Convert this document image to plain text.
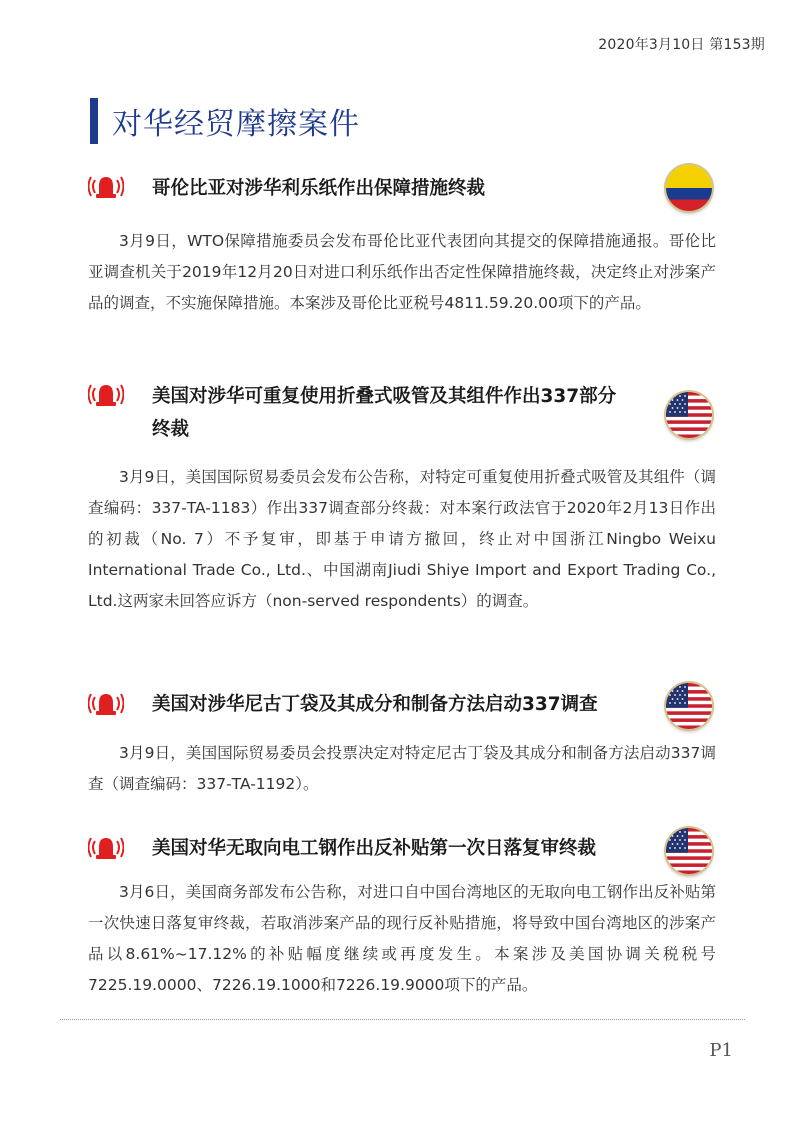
2020年3月10日 第153期
对华经贸摩擦案件
哥伦比亚对涉华利乐纸作出保障措施终裁
3月9日，WTO保障措施委员会发布哥伦比亚代表团向其提交的保障措施通报。哥伦比亚调查机关于2019年12月20日对进口利乐纸作出否定性保障措施终裁，决定终止对涉案产品的调查，不实施保障措施。本案涉及哥伦比亚税号4811.59.20.00项下的产品。
美国对涉华可重复使用折叠式吸管及其组件作出337部分终裁
3月9日，美国国际贸易委员会发布公告称，对特定可重复使用折叠式吸管及其组件（调查编码：337-TA-1183）作出337调查部分终裁：对本案行政法官于2020年2月13日作出的初裁（No. 7）不予复审，即基于申请方撤回，终止对中国浙江Ningbo Weixu International Trade Co., Ltd.、中国湖南Jiudi Shiye Import and Export Trading Co., Ltd.这两家未回答应诉方（non-served respondents）的调查。
美国对涉华尼古丁袋及其成分和制备方法启动337调查
3月9日，美国国际贸易委员会投票决定对特定尼古丁袋及其成分和制备方法启动337调查（调查编码：337-TA-1192）。
美国对华无取向电工钢作出反补贴第一次日落复审终裁
3月6日，美国商务部发布公告称，对进口自中国台湾地区的无取向电工钢作出反补贴第一次快速日落复审终裁，若取消涉案产品的现行反补贴措施，将导致中国台湾地区的涉案产品以8.61%~17.12%的补贴幅度继续或再度发生。本案涉及美国协调关税税号7225.19.0000、7226.19.1000和7226.19.9000项下的产品。
P1
